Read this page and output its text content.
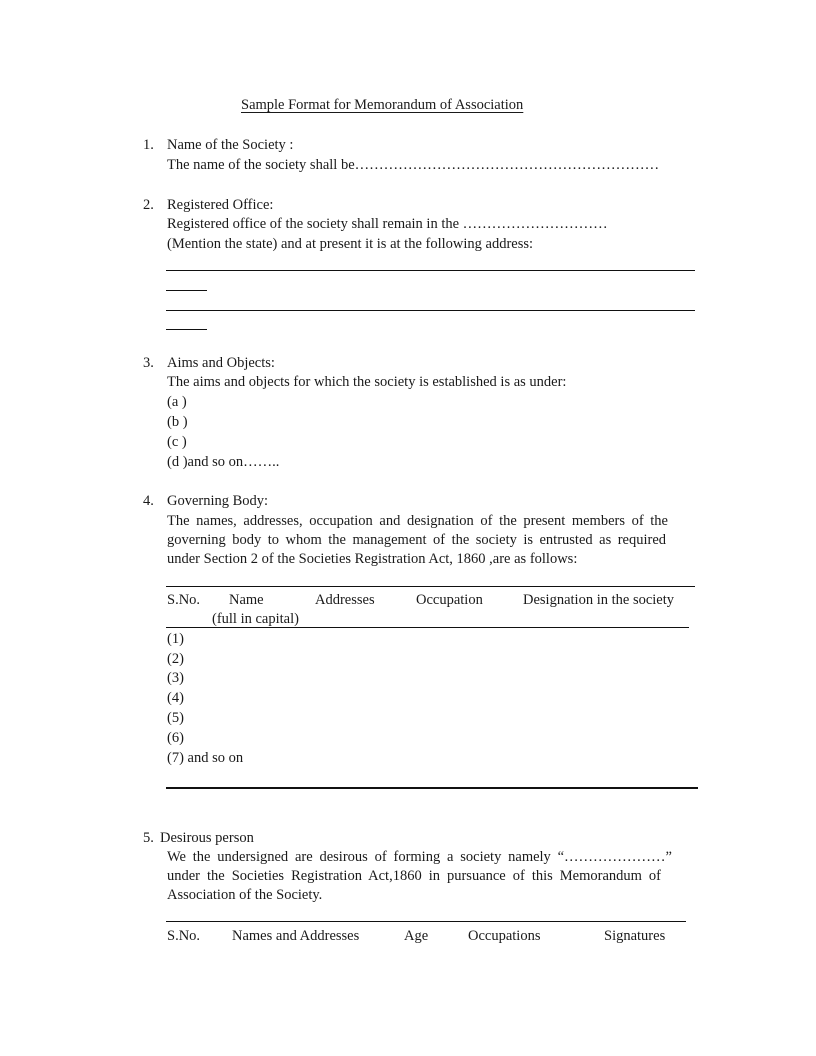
Sample Format for Memorandum of Association
1. Name of the Society :
The name of the society shall be………………………………………………………
2. Registered Office:
Registered office of the society shall remain in the …………………………
(Mention the state) and at present it is at the following address:
3. Aims and Objects:
The aims and objects for which the society is established is as under:
(a )
(b )
(c )
(d )and so on……..
4. Governing Body:
The names, addresses, occupation and designation of the present members of the
governing body to whom the management of the society is entrusted as required
under Section 2 of the Societies Registration Act, 1860 ,are as follows:
S.No. Name	Addresses	Occupation	Designation in the society
(full in capital)
(1)
(2)
(3)
(4)
(5)
(6)
(7) and so on
5. Desirous person
We the undersigned are desirous of forming a society namely “…………………”
under the Societies Registration Act,1860 in pursuance of this Memorandum of
Association of the Society.
S.No. Names and Addresses	Age	Occupations	Signatures
